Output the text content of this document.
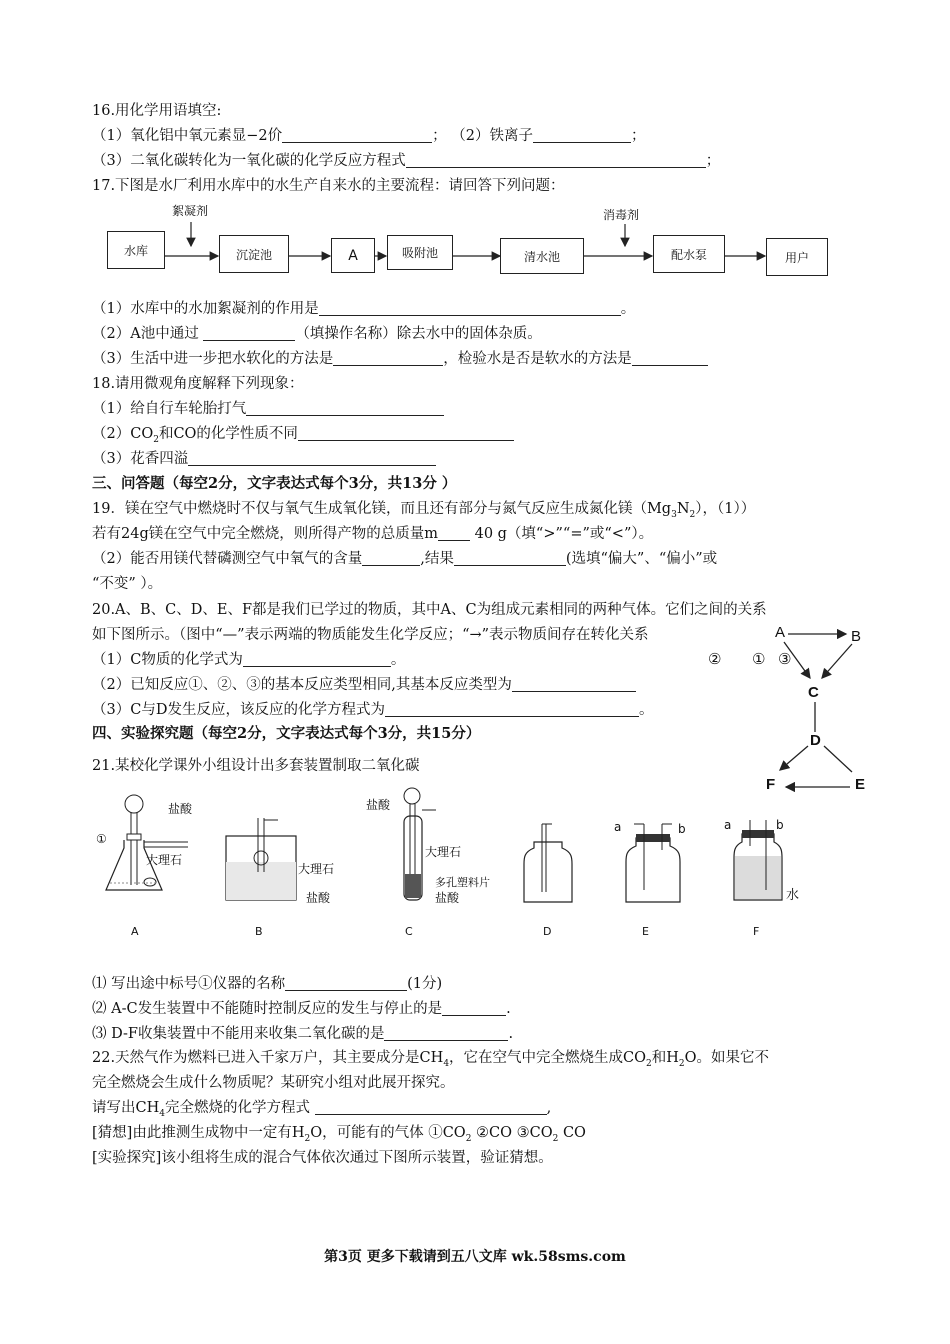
16.用化学用语填空:
（1）氧化铝中氧元素显−2价	； （2）铁离子	；
（3）二氧化碳转化为一氧化碳的化学反应方程式	；
17.下图是水厂利用水库中的水生产自来水的主要流程：请回答下列问题：
絮凝剂	消毒剂
水库	沉淀池	A	吸附池	清水池	配水泵	用户
（1）水库中的水加絮凝剂的作用是	。
（2）A池中通过	（填操作名称）除去水中的固体杂质。
（3）生活中进一步把水软化的方法是	，检验水是否是软水的方法是
18.请用微观角度解释下列现象：
（1）给自行车轮胎打气
$(2)CO_2$和CO的化学性质不同
（3）花香四溢
三、问答题（每空2分，文字表达式每个3分，共13分 ）
19．镁在空气中燃烧时不仅与氧气生成氧化镁，而且还有部分与氮气反应生成氮化镁$(Mg_3N_2)$，（1））
若有24g镁在空气中完全燃烧，则所得产物的总质量m	40 g（填“>”“=”或“<”）。
（2）能否用镁代替磷测空气中氧气的含量	,结果	(选填“偏大”、“偏小”或
“不变” ）。
20.A、B、C、D、E、F都是我们已学过的物质，其中A、C为组成元素相同的两种气体。它们之间的关系
如下图所示。（图中“—”表示两端的物质能发生化学反应；“→”表示物质间存在转化关系
（1）C物质的化学式为	。
（2）已知反应①、②、③的基本反应类型相同,其基本反应类型为
（3）C与D发生反应，该反应的化学方程式为	。
A	B
② ① ③
C
D
F	E
四、实验探究题（每空2分，文字表达式每个3分，共15分）
21.某校化学课外小组设计出多套装置制取二氧化碳
盐酸
①
大理石
大理石
盐酸
盐酸
大理石
多孔塑料片
盐酸
a	b	a	b
水
A	B	C	D	E	F
⑴ 写出途中标号①仪器的名称	(1分)
⑵ A-C发生装置中不能随时控制反应的发生与停止的是	.
⑶ D-F收集装置中不能用来收集二氧化碳的是	.
22.天然气作为燃料已进入千家万户，其主要成分是$CH_4$，它在空气中完全燃烧生成$CO_2$和$H_2O$。如果它不
完全燃烧会生成什么物质呢？某研究小组对此展开探究。
请写出$CH_4$完全燃烧的化学方程式	,
[猜想]由此推测生成物中一定有$H_2O$，可能有的气体 $①CO_2$ ②CO $③CO_2$ CO
[实验探究]该小组将生成的混合气体依次通过下图所示装置，验证猜想。
第3页 更多下载请到五八文库 wk.58sms.com
